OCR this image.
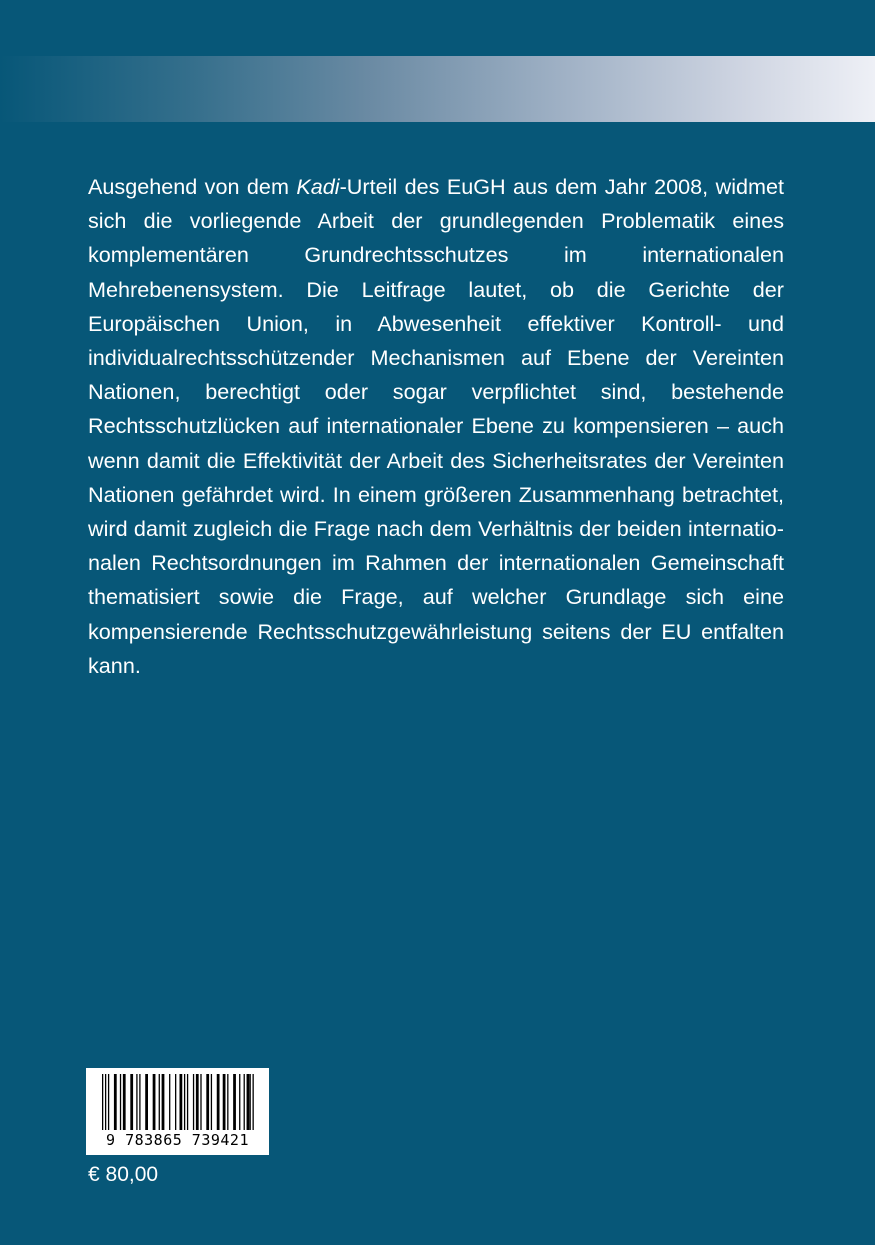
Ausgehend von dem Kadi-Urteil des EuGH aus dem Jahr 2008, widmet sich die vorliegende Arbeit der grundlegenden Problematik eines komplementären Grundrechtsschutzes im internationalen Mehrebenensystem. Die Leitfrage lautet, ob die Gerichte der Europäischen Union, in Abwesenheit effektiver Kontroll- und individualrechtsschützender Mechanismen auf Ebene der Vereinten Nationen, berechtigt oder sogar verpflichtet sind, bestehende Rechtsschutzlücken auf internationaler Ebene zu kompensieren – auch wenn damit die Effektivität der Arbeit des Sicherheitsrates der Vereinten Nationen gefährdet wird. In einem größeren Zusammenhang betrachtet, wird damit zugleich die Frage nach dem Verhältnis der beiden internationalen Rechtsordnungen im Rahmen der internationalen Gemeinschaft thematisiert sowie die Frage, auf welcher Grundlage sich eine kompensierende Rechtsschutzgewährleistung seitens der EU entfalten kann.

9 783865 739421
€ 80,00
